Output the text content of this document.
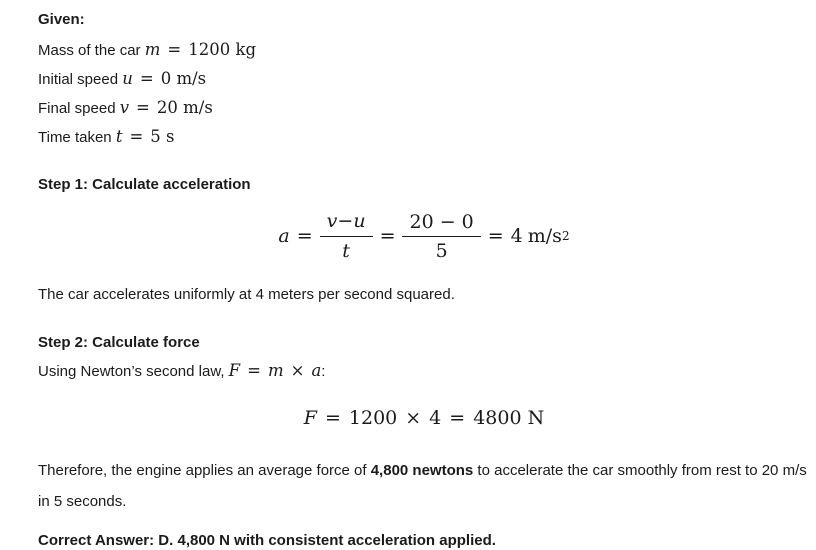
Given:

Mass of the car m = 1200 kg
Initial speed u = 0 m/s
Final speed v = 20 m/s
Time taken t = 5 s

Step 1: Calculate acceleration

$a = \frac{v-u}{t} = \frac{20 - 0}{5} = 4$ m/s 2

The car accelerates uniformly at 4 meters per second squared.

Step 2: Calculate force

Using Newton’s second law, F = m × a:
F = 1200 × 4 = 4800 N

Therefore, the engine applies an average force of 4,800 newtons to accelerate the car smoothly from rest to 20 m/s in 5 seconds.

Correct Answer: D. 4,800 N with consistent acceleration applied.
